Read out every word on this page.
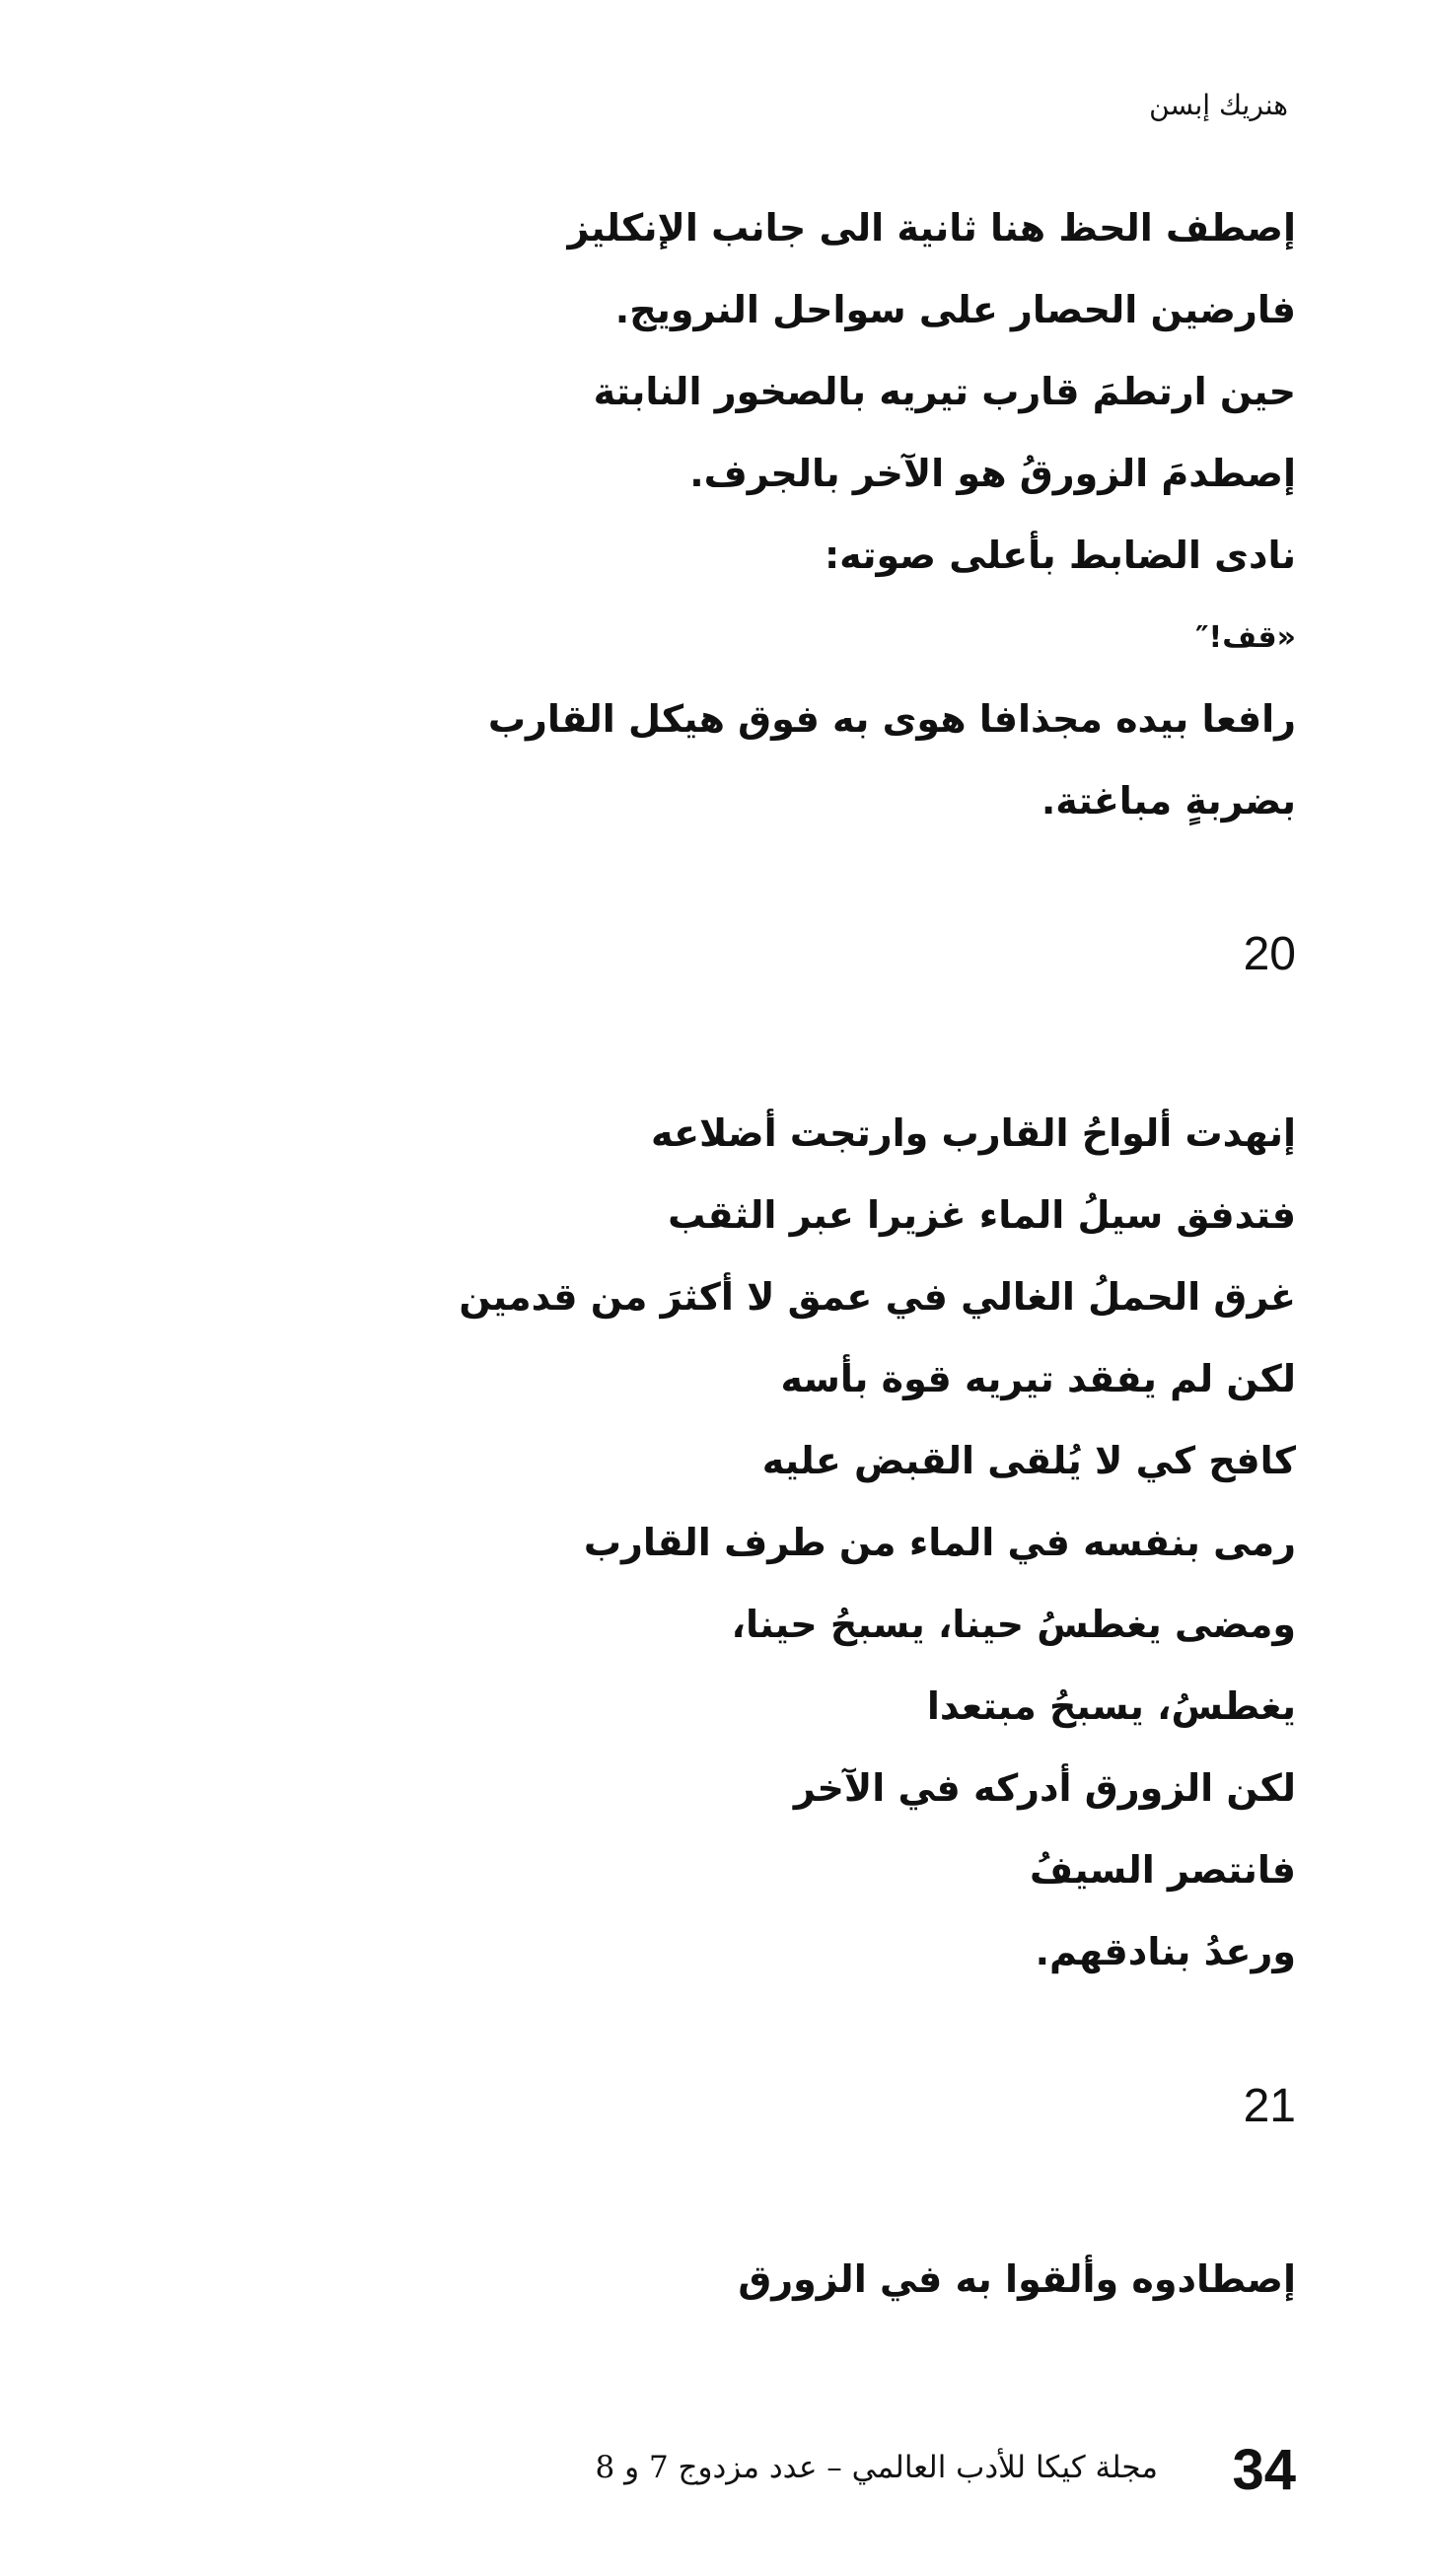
هنريك إبسن
إصطف الحظ هنا ثانية الى جانب الإنكليز
فارضين الحصار على سواحل النرويج.
حين ارتطمَ قارب تيريه بالصخور النابتة
إصطدمَ الزورقُ هو الآخر بالجرف.
نادى الضابط بأعلى صوته:
«قف!″
رافعا بيده مجذافا هوى به فوق هيكل القارب
بضربةٍ مباغتة.
20
إنهدت ألواحُ القارب وارتجت أضلاعه
فتدفق سيلُ الماء غزيرا عبر الثقب
غرق الحملُ الغالي في عمق لا أكثرَ من قدمين
لكن لم يفقد تيريه قوة بأسه
كافح كي لا يُلقى القبض عليه
رمى بنفسه في الماء من طرف القارب
ومضى يغطسُ حينا، يسبحُ حينا،
يغطسُ، يسبحُ مبتعدا
لكن الزورق أدركه في الآخر
فانتصر السيفُ
ورعدُ بنادقهم.
21
إصطادوه وألقوا به في الزورق
34
مجلة كيكا للأدب العالمي – عدد مزدوج 7 و 8
